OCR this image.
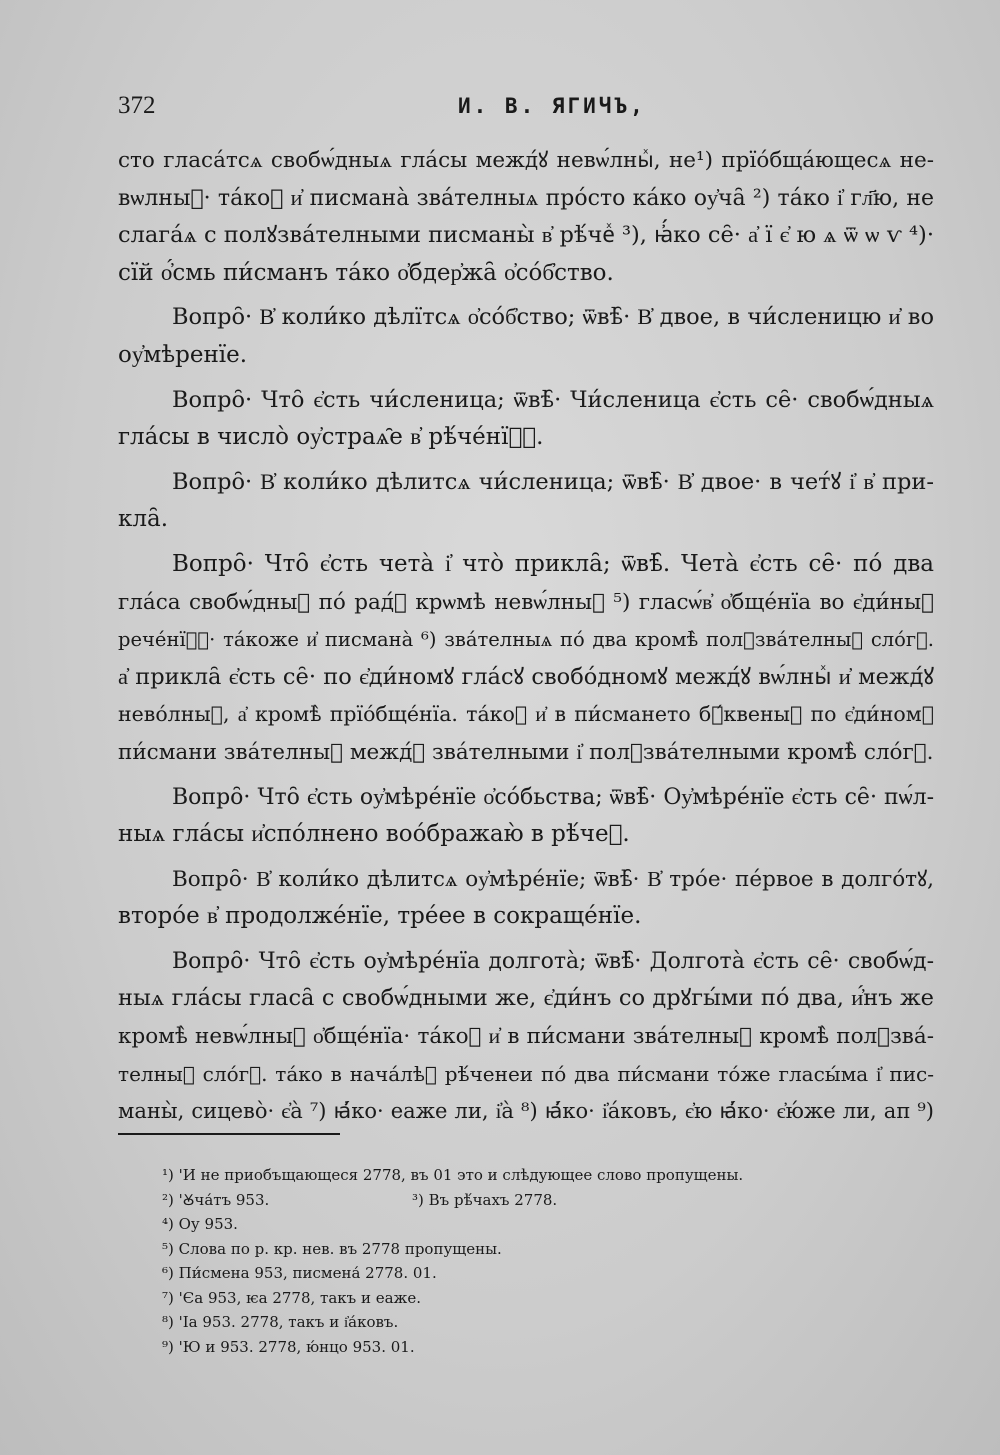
372	И. В. ЯГИЧЪ,
сто гласа́тсѧ свобѡ́дныѧ гла́сы межд́ꙋ невѡ́лныⷯ, не¹) прїо́бща́ющесѧ не-
вѡлныⷯ· та́коⷤ и҆ писмана̀ зва́телныѧ про́сто ка́ко оу҆ча̑ ²) та́ко і҆ гл҃ю, не
слага́ѧ с полꙋзва́телными писманы̀ в҆ рѣ́чеⷯ ³), ꙗ҆́ко се̑· а҆ ї є҆ ю ѧ ѿ ѡ ѵ ⁴)·
сїй о҆́смь пи́сманъ та́ко о҆бдер҆жа̑ о҆со́б҆ство.
Вопро̑· В҆ коли́ко дѣлїтсѧ о҆со́б҆ство; ѿвѣ̑· В҆ двое, в чи́сленицю и҆ во
оу҆мѣренїе.
Вопро̑· Что̑ є҆сть чи́сленица; ѿвѣ̑· Чи́сленица є҆сть се̑· свобѡ́дныѧ
гла́сы в число̀ оу҆страѧ̑е в҆ рѣ́че́нїѧⷯ.
Вопро̑· В҆ коли́ко дѣлитсѧ чи́сленица; ѿвѣ̑· В҆ двое· в чет́ꙋ і҆ в҆ при-
кла̑.
Вопро̑· Что̑ є҆сть чета̀ і҆ что̀ прикла̑; ѿвѣ̑. Чета̀ є҆сть се̑· по́ два
гла́са свобѡ́дныⷯ по́ рад́ꙋ крѡмѣ невѡ́лныⷯ ⁵) гласѡ́в҆ о҆бще́нїа во є҆ди́ныⷯ
рече́нїѧⷯ· та́коже и҆ писмана̀ ⁶) зва́телныѧ по́ два кромѣ̀ полꙋзва́телныⷯ сло́гꙋ.
а҆ прикла̑ є҆сть се̑· по є҆ди́номꙋ гла́сꙋ свобо́дномꙋ межд́ꙋ вѡ́лныⷯ и҆ межд́ꙋ
нево́лныⷯ, а҆ кромѣ̀ прїо́бще́нїа. та́коⷤ и҆ в пи́смането бꙋ́квеныⷯ по є҆ди́номꙋ
пи́смани зва́телныⷯ межд́ꙋ зва́телными і҆ полꙋзва́телными кромѣ̀ сло́гꙋ.
Вопро̑· Что̑ є҆сть оу҆мѣре́нїе о҆со́бьства; ѿвѣ̑· Оу҆мѣре́нїе є҆сть се̑· пѡ́л-
ныѧ гла́сы и҆спо́лнено воо́бражаю̀ в рѣ́чеⷯ.
Вопро̑· В҆ коли́ко дѣлитсѧ оу҆мѣре́нїе; ѿвѣ̑· В҆ тро́е· пе́рвое в долго́тꙋ,
второ́е в҆ продолже́нїе, тре́ее в сокраще́нїе.
Вопро̑· Что̑ є҆сть оу҆мѣре́нїа долгота̀; ѿвѣ̑· Долгота̀ є҆сть се̑· свобѡ́д-
ныѧ гла́сы гласа̑ с свобѡ́дными же, є҆ди́нъ со дрꙋгы́ми по́ два, и҆́нъ же
кромѣ̀ невѡ́лныⷯ о҆бще́нїа· та́коⷤ и҆ в пи́смани зва́телныⷯ кромѣ̀ полꙋзва́-
телныⷯ сло́гꙋ. та́ко в нача́лѣⷯ рѣ́ченеи по́ два пи́смани то́же гласы́ма і҆ пис-
маны̀, сицево̀· є҆а̀ ⁷) ꙗ҆́ко· еаже ли, і҆а̀ ⁸) ꙗ҆́ко· і҆а́ковъ, є҆ю ꙗ҆́ко· є҆ю́же ли, ап ⁹)
¹) 'И не приобъщающеся 2778, въ 01 это и слѣдующее слово пропущены.
²) 'Ꙋча́тъ 953.	³) Въ рѣ́чахъ 2778.
⁴) Оу 953.
⁵) Слова по р. кр. нев. въ 2778 пропущены.
⁶) Пи́смена 953, писмена́ 2778. 01.
⁷) 'Єа 953, ѥа 2778, такъ и еаже.
⁸) 'Іа 953. 2778, такъ и і҆а́ковъ.
⁹) 'Ю и 953. 2778, ю́нцо 953. 01.
